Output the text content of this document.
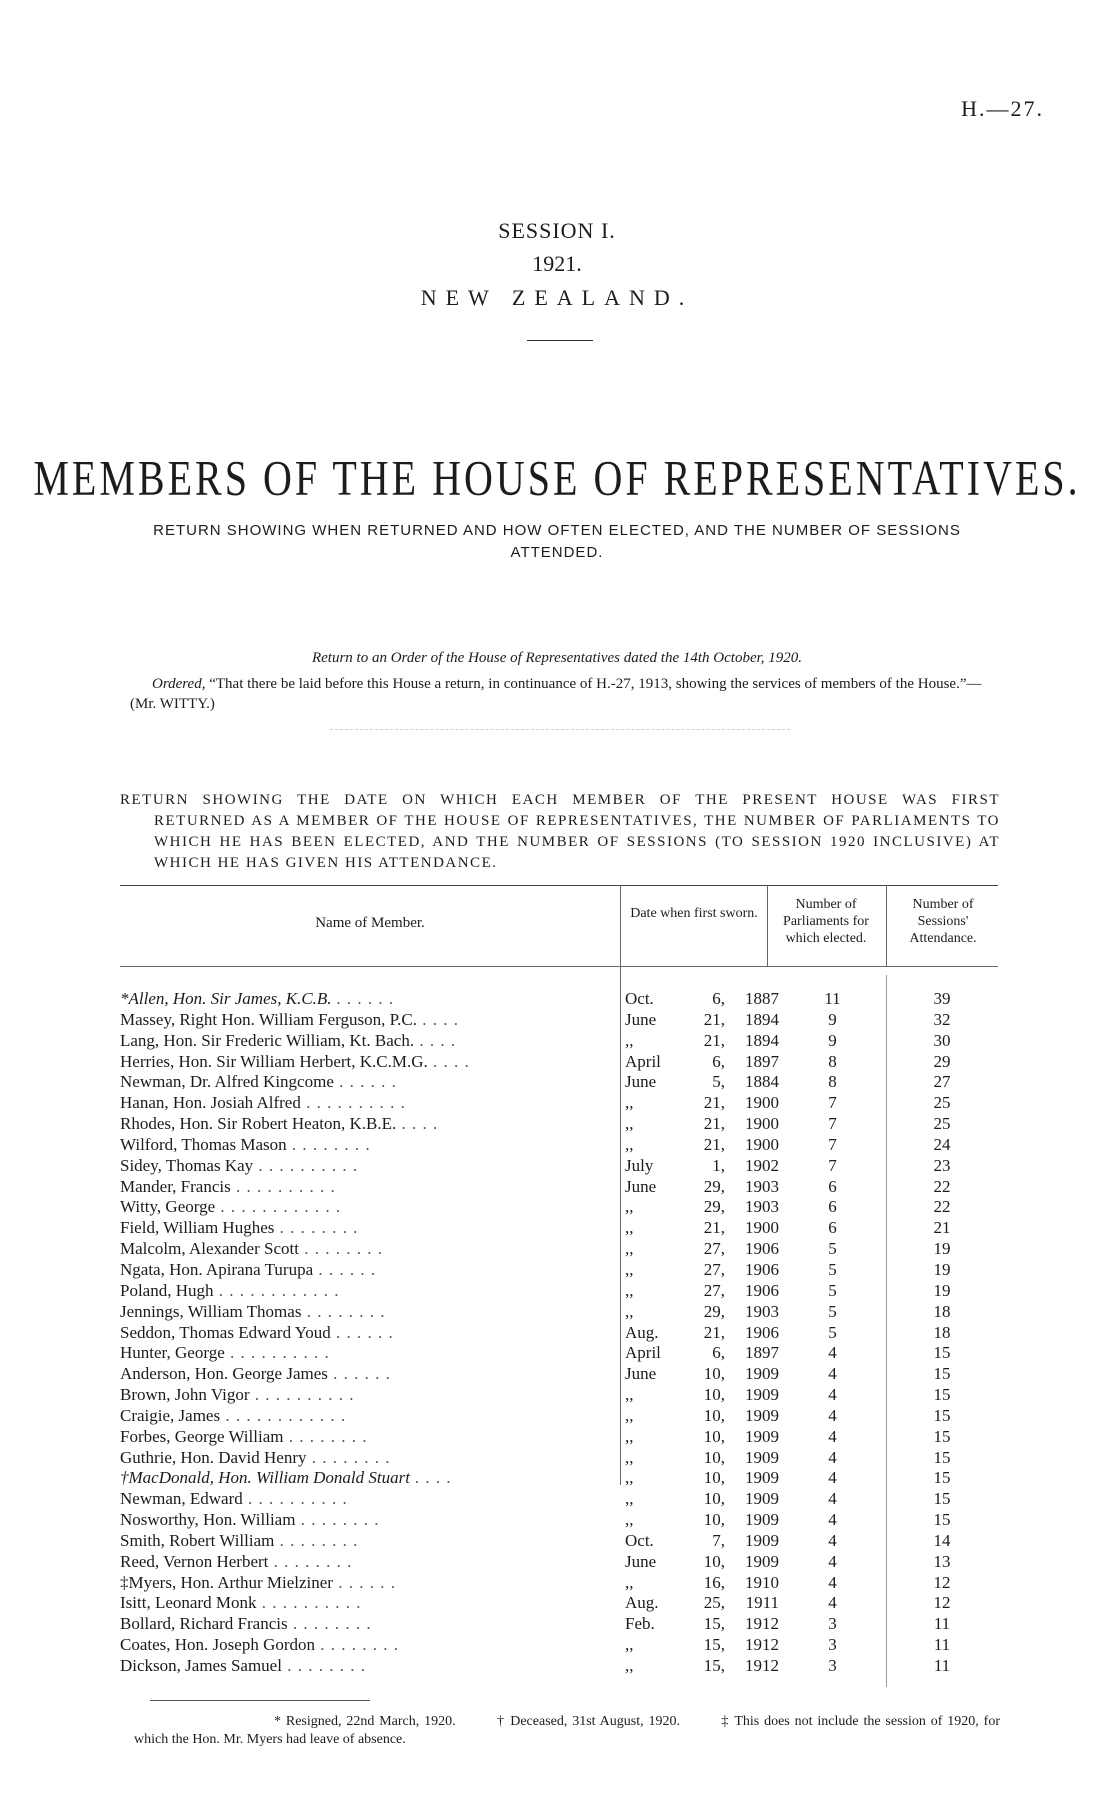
H.—27.
SESSION I.
1921.
NEW ZEALAND.
MEMBERS OF THE HOUSE OF REPRESENTATIVES.
RETURN SHOWING WHEN RETURNED AND HOW OFTEN ELECTED, AND THE NUMBER OF SESSIONS ATTENDED.
Return to an Order of the House of Representatives dated the 14th October, 1920.
Ordered, “That there be laid before this House a return, in continuance of H.-27, 1913, showing the services of members of the House.”—(Mr. WITTY.)
RETURN SHOWING THE DATE ON WHICH EACH MEMBER OF THE PRESENT HOUSE WAS FIRST
RETURNED AS A MEMBER OF THE HOUSE OF REPRESENTATIVES, THE NUMBER OF PARLIAMENTS TO WHICH HE HAS BEEN ELECTED, AND THE NUMBER OF SESSIONS (TO SESSION 1920 INCLUSIVE) AT WHICH HE HAS GIVEN HIS ATTENDANCE.
Name of Member.
Date when first sworn.
Number of Parliaments for which elected.
Number of Sessions' Attendance.
*Allen, Hon. Sir James, K.C.B. . . . . . .	Oct.	6,	1887	11	39
Massey, Right Hon. William Ferguson, P.C. . . . .	June	21,	1894	9	32
Lang, Hon. Sir Frederic William, Kt. Bach. . . . .	,,	21,	1894	9	30
Herries, Hon. Sir William Herbert, K.C.M.G. . . . .	April	6,	1897	8	29
Newman, Dr. Alfred Kingcome . . . . . .	June	5,	1884	8	27
Hanan, Hon. Josiah Alfred . . . . . . . . . .	,,	21,	1900	7	25
Rhodes, Hon. Sir Robert Heaton, K.B.E. . . . .	,,	21,	1900	7	25
Wilford, Thomas Mason . . . . . . . .	,,	21,	1900	7	24
Sidey, Thomas Kay . . . . . . . . . .	July	1,	1902	7	23
Mander, Francis . . . . . . . . . .	June	29,	1903	6	22
Witty, George . . . . . . . . . . . .	,,	29,	1903	6	22
Field, William Hughes . . . . . . . .	,,	21,	1900	6	21
Malcolm, Alexander Scott . . . . . . . .	,,	27,	1906	5	19
Ngata, Hon. Apirana Turupa . . . . . .	,,	27,	1906	5	19
Poland, Hugh . . . . . . . . . . . .	,,	27,	1906	5	19
Jennings, William Thomas . . . . . . . .	,,	29,	1903	5	18
Seddon, Thomas Edward Youd . . . . . .	Aug.	21,	1906	5	18
Hunter, George . . . . . . . . . .	April	6,	1897	4	15
Anderson, Hon. George James . . . . . .	June	10,	1909	4	15
Brown, John Vigor . . . . . . . . . .	,,	10,	1909	4	15
Craigie, James . . . . . . . . . . . .	,,	10,	1909	4	15
Forbes, George William . . . . . . . .	,,	10,	1909	4	15
Guthrie, Hon. David Henry . . . . . . . .	,,	10,	1909	4	15
†MacDonald, Hon. William Donald Stuart . . . .	,,	10,	1909	4	15
Newman, Edward . . . . . . . . . .	,,	10,	1909	4	15
Nosworthy, Hon. William . . . . . . . .	,,	10,	1909	4	15
Smith, Robert William . . . . . . . .	Oct.	7,	1909	4	14
Reed, Vernon Herbert . . . . . . . .	June	10,	1909	4	13
‡Myers, Hon. Arthur Mielziner . . . . . .	,,	16,	1910	4	12
Isitt, Leonard Monk . . . . . . . . . .	Aug.	25,	1911	4	12
Bollard, Richard Francis . . . . . . . .	Feb.	15,	1912	3	11
Coates, Hon. Joseph Gordon . . . . . . . .	,,	15,	1912	3	11
Dickson, James Samuel . . . . . . . .	,,	15,	1912	3	11
* Resigned, 22nd March, 1920.	† Deceased, 31st August, 1920.	‡ This does not include the session of 1920, for which the Hon. Mr. Myers had leave of absence.
